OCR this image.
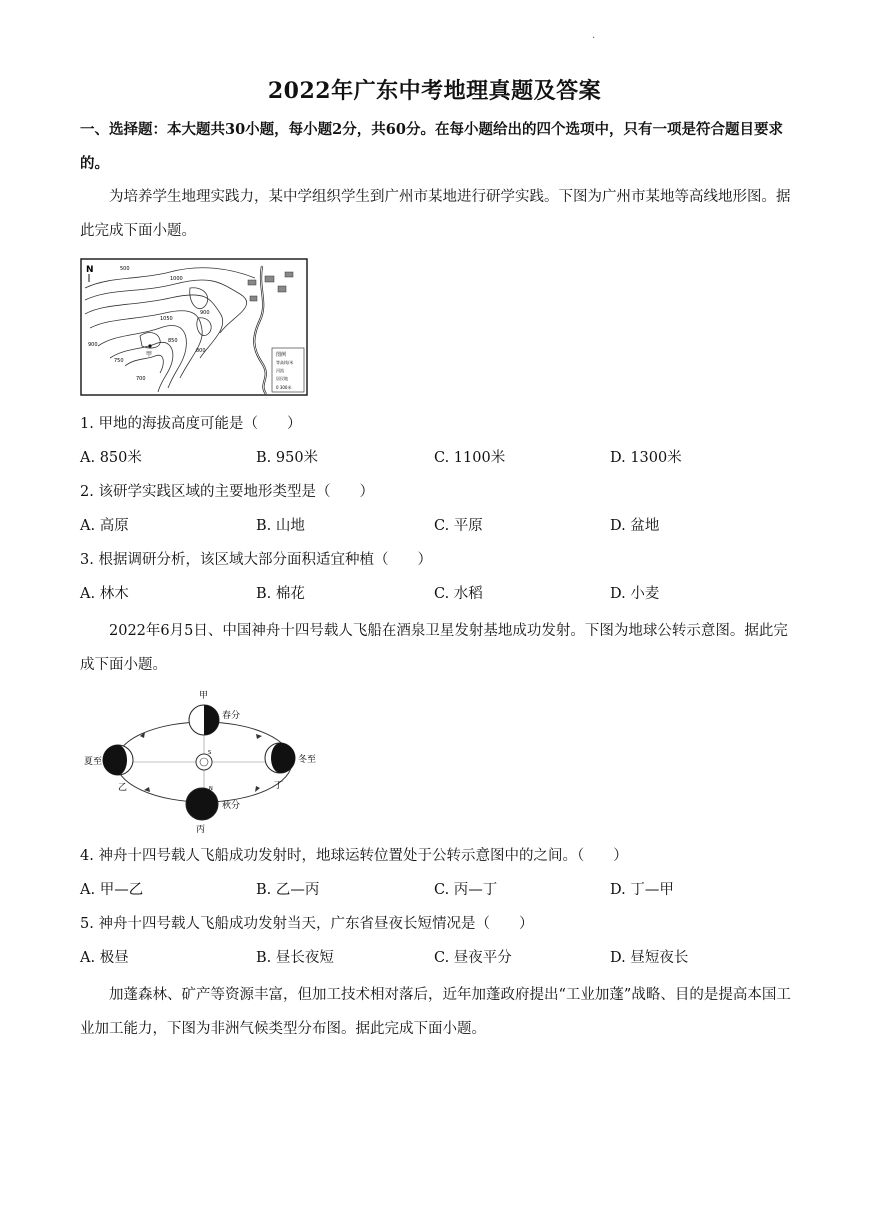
.
2022年广东中考地理真题及答案

一、选择题：本大题共30小题，每小题2分，共60分。在每小题给出的四个选项中，只有一项是符合题目要求的。

为培养学生地理实践力，某中学组织学生到广州市某地进行研学实践。下图为广州市某地等高线地形图。据此完成下面小题。

N	500
1000
1050
900
850
750
700
900
800
甲	图例
等高线/米
河流
居民地
0 300米
1. 甲地的海拔高度可能是（　　）
A. 850米	B. 950米	C. 1100米	D. 1300米
2. 该研学实践区域的主要地形类型是（　　）
A. 高原	B. 山地	C. 平原	D. 盆地
3. 根据调研分析，该区域大部分面积适宜种植（　　）
A. 林木	B. 棉花	C. 水稻	D. 小麦

2022年6月5日、中国神舟十四号载人飞船在酒泉卫星发射基地成功发射。下图为地球公转示意图。据此完成下面小题。

S
甲
春分
夏至
乙
冬至
丁
丙
秋分
N
4. 神舟十四号载人飞船成功发射时，地球运转位置处于公转示意图中的之间。（　　）
A. 甲—乙	B. 乙—丙	C. 丙—丁	D. 丁—甲
5. 神舟十四号载人飞船成功发射当天，广东省昼夜长短情况是（　　）
A. 极昼	B. 昼长夜短	C. 昼夜平分	D. 昼短夜长

加蓬森林、矿产等资源丰富，但加工技术相对落后，近年加蓬政府提出“工业加蓬”战略、目的是提高本国工业加工能力，下图为非洲气候类型分布图。据此完成下面小题。
